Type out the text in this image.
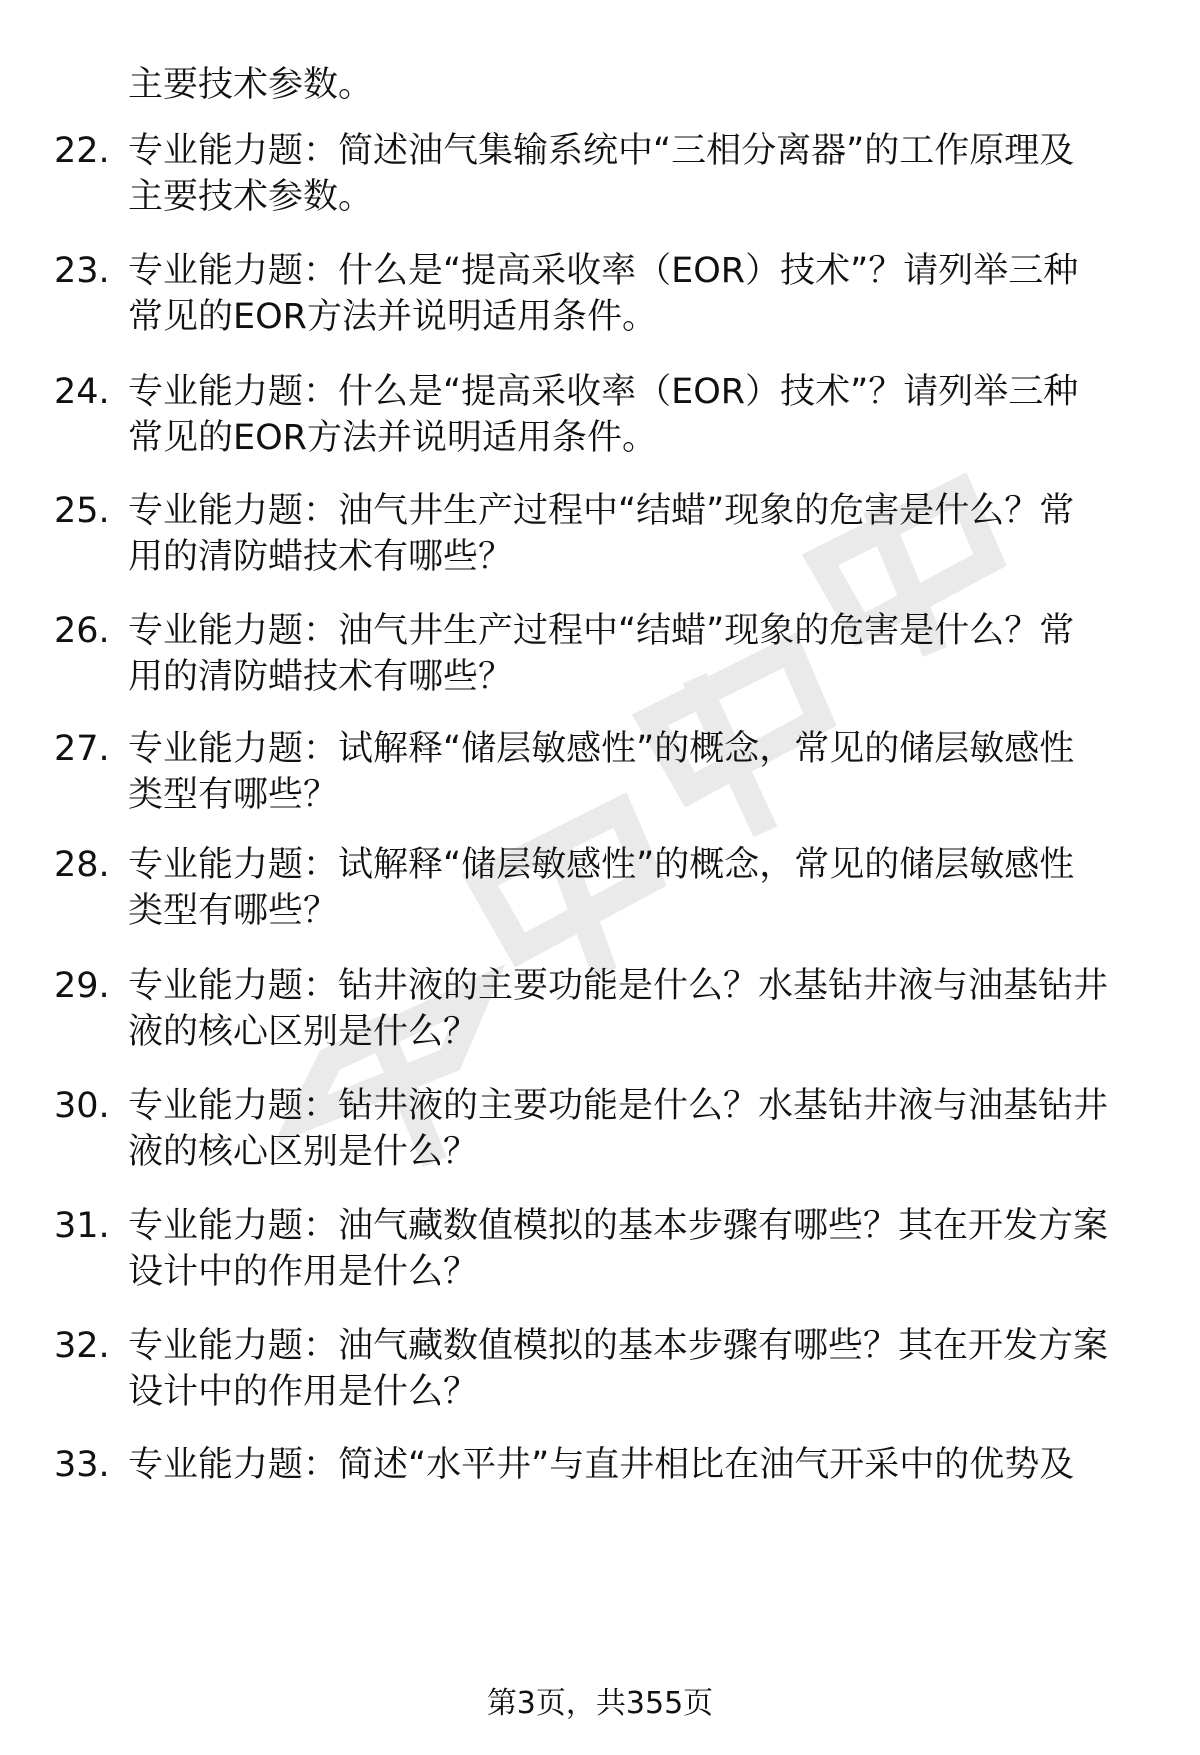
主要技术参数。
22. 专业能力题：简述油气集输系统中“三相分离器”的工作原理及
主要技术参数。
23. 专业能力题：什么是“提高采收率（EOR）技术”？请列举三种
常见的EOR方法并说明适用条件。
24. 专业能力题：什么是“提高采收率（EOR）技术”？请列举三种
常见的EOR方法并说明适用条件。
25. 专业能力题：油气井生产过程中“结蜡”现象的危害是什么？常
用的清防蜡技术有哪些？
26. 专业能力题：油气井生产过程中“结蜡”现象的危害是什么？常
用的清防蜡技术有哪些？
27. 专业能力题：试解释“储层敏感性”的概念，常见的储层敏感性
类型有哪些？
28. 专业能力题：试解释“储层敏感性”的概念，常见的储层敏感性
类型有哪些？
29. 专业能力题：钻井液的主要功能是什么？水基钻井液与油基钻井
液的核心区别是什么？
30. 专业能力题：钻井液的主要功能是什么？水基钻井液与油基钻井
液的核心区别是什么？
31. 专业能力题：油气藏数值模拟的基本步骤有哪些？其在开发方案
设计中的作用是什么？
32. 专业能力题：油气藏数值模拟的基本步骤有哪些？其在开发方案
设计中的作用是什么？
33. 专业能力题：简述“水平井”与直井相比在油气开采中的优势及
第3页，共355页
